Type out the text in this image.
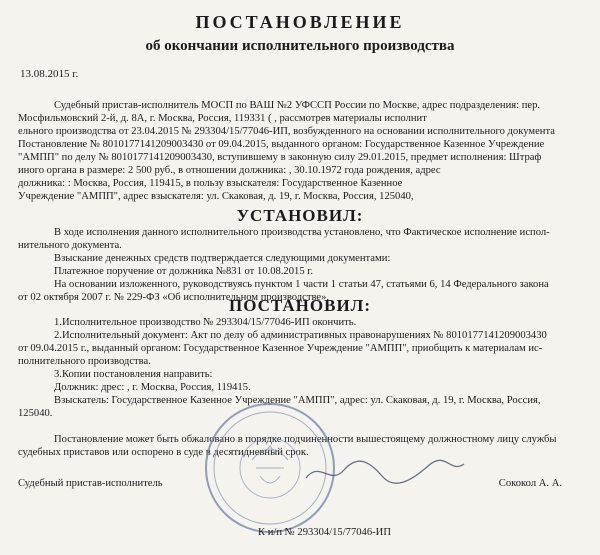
ПОСТАНОВЛЕНИЕ
об окончании исполнительного производства
13.08.2015 г.
Судебный пристав-исполнитель МОСП по ВАШ №2 УФССП России по Москве, адрес подразделения: пер.
Мосфильмовский 2-й, д. 8А, г. Москва, Россия, 119331 ( , рассмотрев материалы исполнит
ельного производства от 23.04.2015 № 293304/15/77046-ИП, возбужденного на основании исполнительного документа
Постановление № 8010177141209003430 от 09.04.2015, выданного органом: Государственное Казенное Учреждение
"АМПП" по делу № 8010177141209003430, вступившему в законную силу 29.01.2015, предмет исполнения: Штраф
иного органа в размере: 2 500 руб., в отношении должника: , 30.10.1972 года рождения, адрес
должника: : Москва, Россия, 119415, в пользу взыскателя: Государственное Казенное
Учреждение "АМПП", адрес взыскателя: ул. Скаковая, д. 19, г. Москва, Россия, 125040,
УСТАНОВИЛ:
В ходе исполнения данного исполнительного производства установлено, что Фактическое исполнение испол-
нительного документа.
Взыскание денежных средств подтверждается следующими документами:
Платежное поручение от должника №831 от 10.08.2015 г.
На основании изложенного, руководствуясь пунктом 1 части 1 статьи 47, статьями 6, 14 Федерального закона
от 02 октября 2007 г. № 229-ФЗ «Об исполнительном производстве»,
ПОСТАНОВИЛ:
1.Исполнительное производство № 293304/15/77046-ИП окончить.
2.Исполнительный документ: Акт по делу об административных правонарушениях № 8010177141209003430
от 09.04.2015 г., выданный органом: Государственное Казенное Учреждение "АМПП", приобщить к материалам ис-
полнительного производства.
3.Копии постановления направить:
Должник: дрес: , г. Москва, Россия, 119415.
Взыскатель: Государственное Казенное Учреждение "АМПП", адрес: ул. Скаковая, д. 19, г. Москва, Россия,
125040.
Постановление может быть обжаловано в порядке подчиненности вышестоящему должностному лицу службы
судебных приставов или оспорено в суде в десятидневный срок.
Судебный пристав-исполнитель	Сококол А. А.
К и/п № 293304/15/77046-ИП
